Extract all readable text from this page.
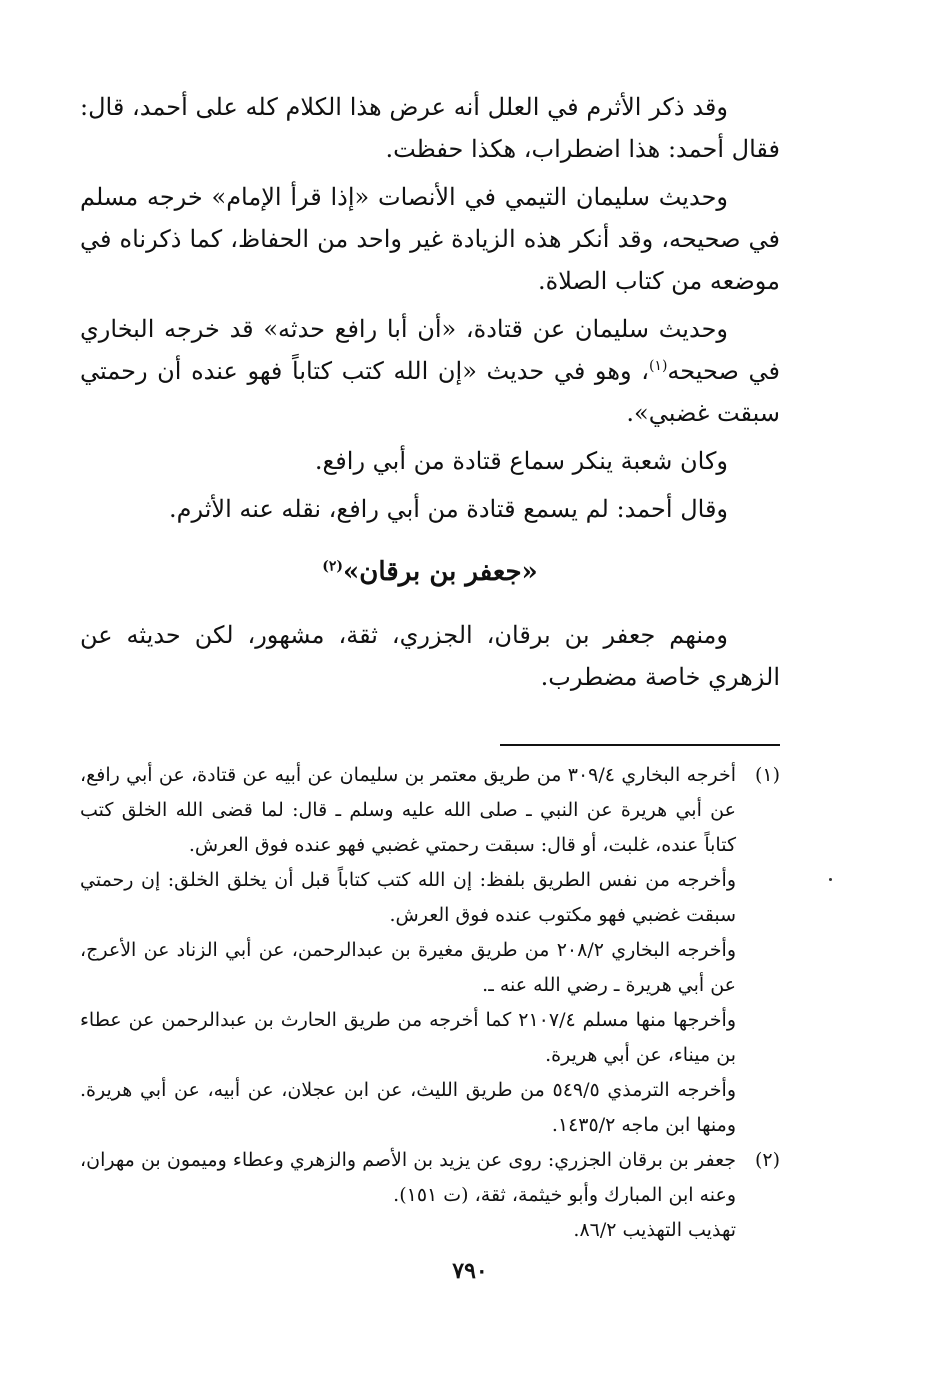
وقد ذكر الأثرم في العلل أنه عرض هذا الكلام كله على أحمد، قال: فقال أحمد: هذا اضطراب، هكذا حفظت.

وحديث سليمان التيمي في الأنصات «إذا قرأ الإمام» خرجه مسلم في صحيحه، وقد أنكر هذه الزيادة غير واحد من الحفاظ، كما ذكرناه في موضعه من كتاب الصلاة.

وحديث سليمان عن قتادة، «أن أبا رافع حدثه» قد خرجه البخاري في صحيحه$^{(١)}$، وهو في حديث «إن الله كتب كتاباً فهو عنده أن رحمتي سبقت غضبي».

وكان شعبة ينكر سماع قتادة من أبي رافع.

وقال أحمد: لم يسمع قتادة من أبي رافع، نقله عنه الأثرم.

«جعفر بن برقان»$^{(٢)}$

ومنهم جعفر بن برقان، الجزري، ثقة، مشهور، لكن حديثه عن الزهري خاصة مضطرب.

(١)

أخرجه البخاري ٣٠٩/٤ من طريق معتمر بن سليمان عن أبيه عن قتادة، عن أبي رافع، عن أبي هريرة عن النبي ـ صلى الله عليه وسلم ـ قال: لما قضى الله الخلق كتب كتاباً عنده، غلبت، أو قال: سبقت رحمتي غضبي فهو عنده فوق العرش.

وأخرجه من نفس الطريق بلفظ: إن الله كتب كتاباً قبل أن يخلق الخلق: إن رحمتي سبقت غضبي فهو مكتوب عنده فوق العرش.

وأخرجه البخاري ٢٠٨/٢ من طريق مغيرة بن عبدالرحمن، عن أبي الزناد عن الأعرج، عن أبي هريرة ـ رضي الله عنه ـ.

وأخرجها منها مسلم ٢١٠٧/٤ كما أخرجه من طريق الحارث بن عبدالرحمن عن عطاء بن ميناء، عن أبي هريرة.

وأخرجه الترمذي ٥٤٩/٥ من طريق الليث، عن ابن عجلان، عن أبيه، عن أبي هريرة. ومنها ابن ماجه ١٤٣٥/٢.

(٢)

جعفر بن برقان الجزري: روى عن يزيد بن الأصم والزهري وعطاء وميمون بن مهران، وعنه ابن المبارك وأبو خيثمة، ثقة، (ت ١٥١).

تهذيب التهذيب ٨٦/٢.

٧٩٠
